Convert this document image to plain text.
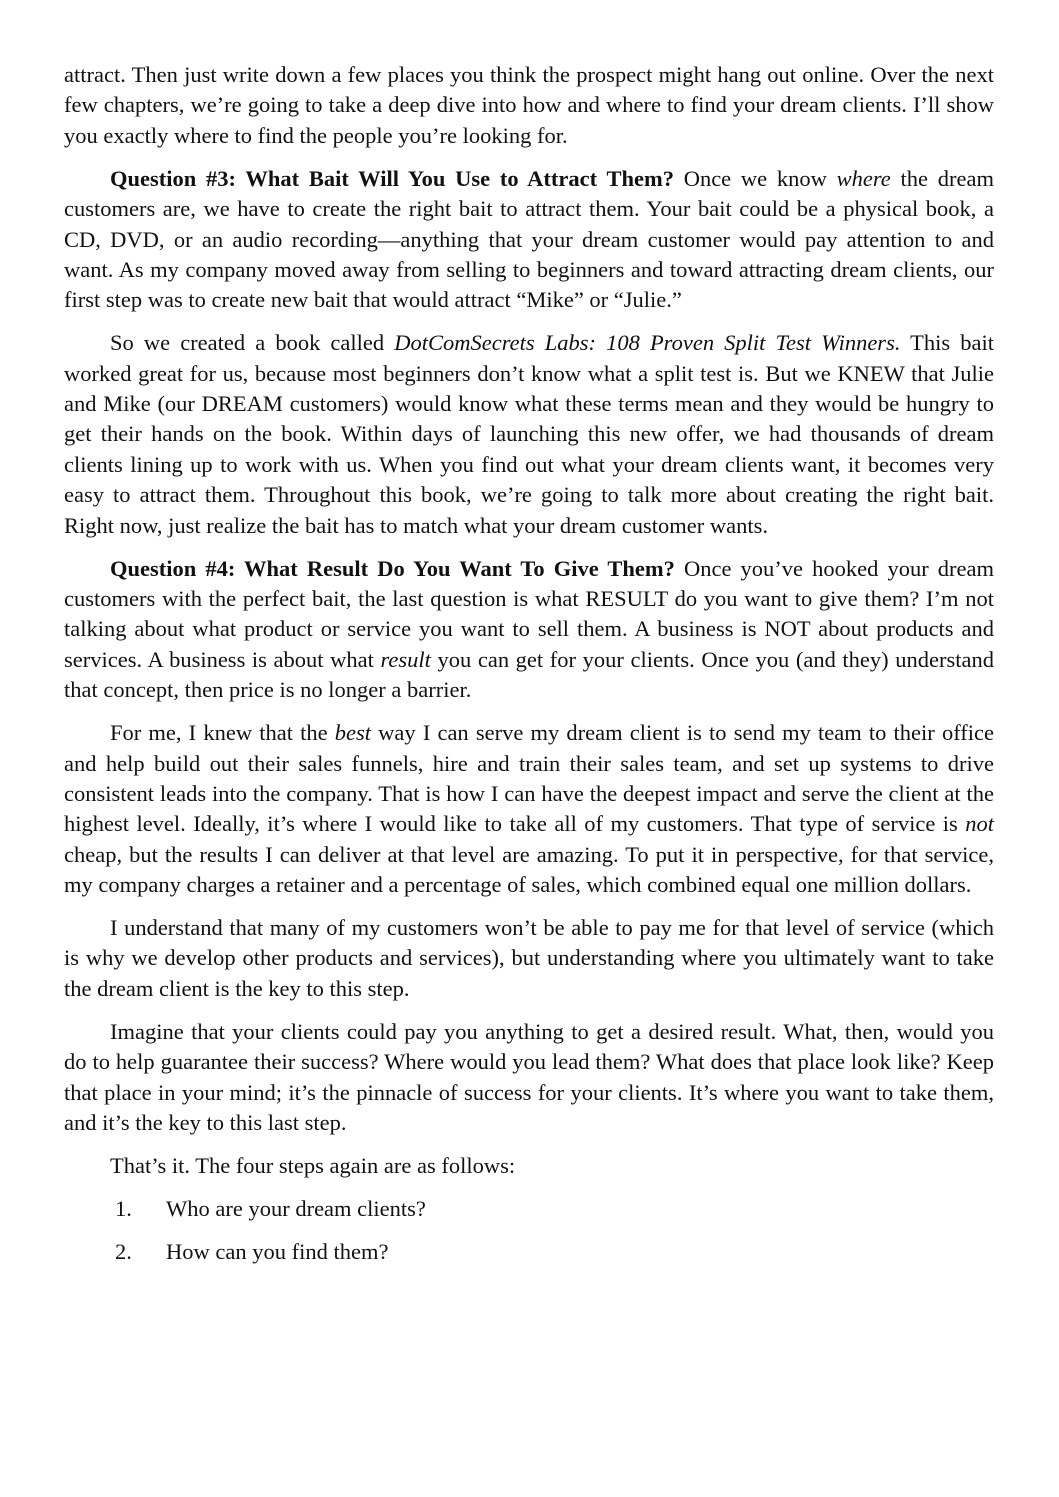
attract. Then just write down a few places you think the prospect might hang out online. Over the next few chapters, we’re going to take a deep dive into how and where to find your dream clients. I’ll show you exactly where to find the people you’re looking for.

Question #3: What Bait Will You Use to Attract Them? Once we know where the dream customers are, we have to create the right bait to attract them. Your bait could be a physical book, a CD, DVD, or an audio recording—anything that your dream customer would pay attention to and want. As my company moved away from selling to beginners and toward attracting dream clients, our first step was to create new bait that would attract “Mike” or “Julie.”

So we created a book called DotComSecrets Labs: 108 Proven Split Test Winners. This bait worked great for us, because most beginners don’t know what a split test is. But we KNEW that Julie and Mike (our DREAM customers) would know what these terms mean and they would be hungry to get their hands on the book. Within days of launching this new offer, we had thousands of dream clients lining up to work with us. When you find out what your dream clients want, it becomes very easy to attract them. Throughout this book, we’re going to talk more about creating the right bait. Right now, just realize the bait has to match what your dream customer wants.

Question #4: What Result Do You Want To Give Them? Once you’ve hooked your dream customers with the perfect bait, the last question is what RESULT do you want to give them? I’m not talking about what product or service you want to sell them. A business is NOT about products and services. A business is about what result you can get for your clients. Once you (and they) understand that concept, then price is no longer a barrier.

For me, I knew that the best way I can serve my dream client is to send my team to their office and help build out their sales funnels, hire and train their sales team, and set up systems to drive consistent leads into the company. That is how I can have the deepest impact and serve the client at the highest level. Ideally, it’s where I would like to take all of my customers. That type of service is not cheap, but the results I can deliver at that level are amazing. To put it in perspective, for that service, my company charges a retainer and a percentage of sales, which combined equal one million dollars.

I understand that many of my customers won’t be able to pay me for that level of service (which is why we develop other products and services), but understanding where you ultimately want to take the dream client is the key to this step.

Imagine that your clients could pay you anything to get a desired result. What, then, would you do to help guarantee their success? Where would you lead them? What does that place look like? Keep that place in your mind; it’s the pinnacle of success for your clients. It’s where you want to take them, and it’s the key to this last step.

That’s it. The four steps again are as follows:

1. Who are your dream clients?
2. How can you find them?
